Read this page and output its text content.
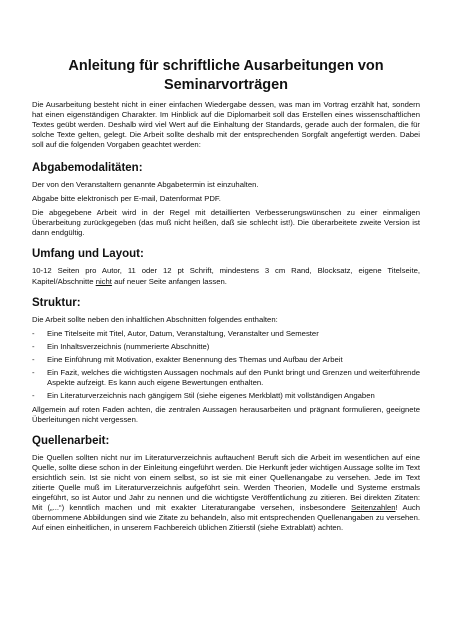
Anleitung für schriftliche Ausarbeitungen von
Seminarvorträgen

Die Ausarbeitung besteht nicht in einer einfachen Wiedergabe dessen, was man im Vortrag erzählt hat, sondern hat einen eigenständigen Charakter. Im Hinblick auf die Diplomarbeit soll das Erstellen eines wissenschaftlichen Textes geübt werden. Deshalb wird viel Wert auf die Einhaltung der Standards, gerade auch der formalen, die für solche Texte gelten, gelegt. Die Arbeit sollte deshalb mit der entsprechenden Sorgfalt angefertigt werden. Dabei soll auf die folgenden Vorgaben geachtet werden:

Abgabemodalitäten:

Der von den Veranstaltern genannte Abgabetermin ist einzuhalten.

Abgabe bitte elektronisch per E-mail, Datenformat PDF.

Die abgegebene Arbeit wird in der Regel mit detaillierten Verbesserungswünschen zu einer einmaligen Überarbeitung zurückgegeben (das muß nicht heißen, daß sie schlecht ist!). Die überarbeitete zweite Version ist dann endgültig.

Umfang und Layout:

10-12 Seiten pro Autor, 11 oder 12 pt Schrift, mindestens 3 cm Rand, Blocksatz, eigene Titelseite, Kapitel/Abschnitte nicht auf neuer Seite anfangen lassen.

Struktur:

Die Arbeit sollte neben den inhaltlichen Abschnitten folgendes enthalten:

- Eine Titelseite mit Titel, Autor, Datum, Veranstaltung, Veranstalter und Semester
- Ein Inhaltsverzeichnis (nummerierte Abschnitte)
- Eine Einführung mit Motivation, exakter Benennung des Themas und Aufbau der Arbeit
- Ein Fazit, welches die wichtigsten Aussagen nochmals auf den Punkt bringt und Grenzen und weiterführende Aspekte aufzeigt. Es kann auch eigene Bewertungen enthalten.
- Ein Literaturverzeichnis nach gängigem Stil (siehe eigenes Merkblatt) mit vollständigen Angaben

Allgemein auf roten Faden achten, die zentralen Aussagen herausarbeiten und prägnant formulieren, geeignete Überleitungen nicht vergessen.

Quellenarbeit:

Die Quellen sollten nicht nur im Literaturverzeichnis auftauchen! Beruft sich die Arbeit im wesentlichen auf eine Quelle, sollte diese schon in der Einleitung eingeführt werden. Die Herkunft jeder wichtigen Aussage sollte im Text ersichtlich sein. Ist sie nicht von einem selbst, so ist sie mit einer Quellenangabe zu versehen. Jede im Text zitierte Quelle muß im Literaturverzeichnis aufgeführt sein. Werden Theorien, Modelle und Systeme erstmals eingeführt, so ist Autor und Jahr zu nennen und die wichtigste Veröffentlichung zu zitieren. Bei direkten Zitaten: Mit („...“) kenntlich machen und mit exakter Literaturangabe versehen, insbesondere Seitenzahlen! Auch übernommene Abbildungen sind wie Zitate zu behandeln, also mit entsprechenden Quellenangaben zu versehen. Auf einen einheitlichen, in unserem Fachbereich üblichen Zitierstil (siehe Extrablatt) achten.
